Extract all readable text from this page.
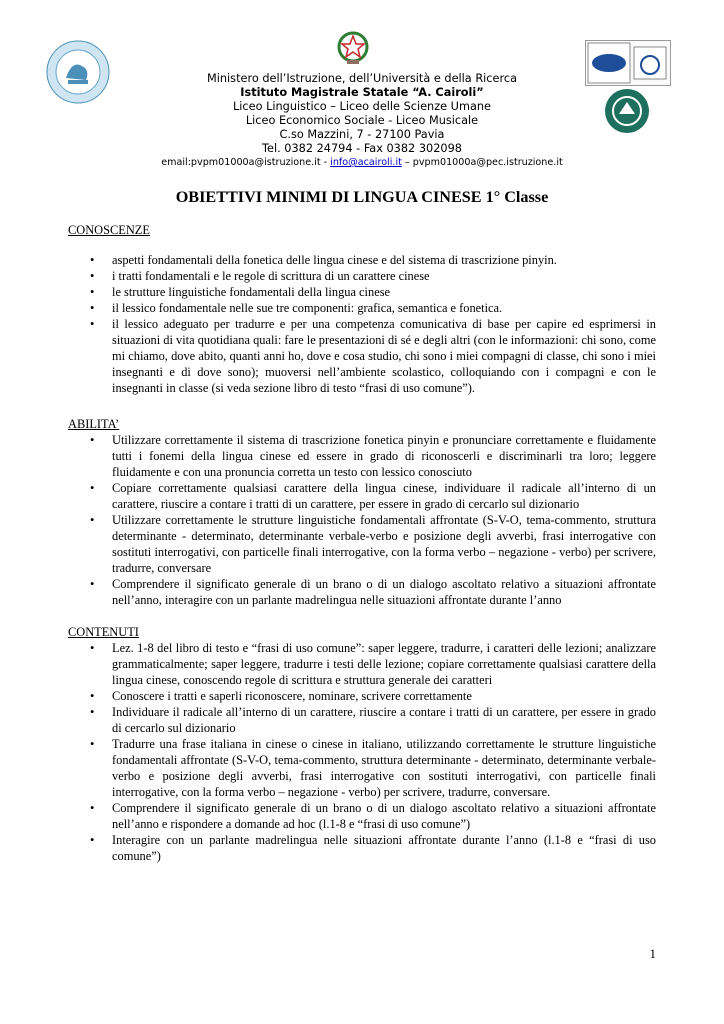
Ministero dell’Istruzione, dell’Università e della Ricerca
Istituto Magistrale Statale “A. Cairoli”
Liceo Linguistico – Liceo delle Scienze Umane
Liceo Economico Sociale - Liceo Musicale
C.so Mazzini, 7 - 27100 Pavia
Tel. 0382 24794 - Fax 0382 302098
email:pvpm01000a@istruzione.it - info@acairoli.it – pvpm01000a@pec.istruzione.it
OBIETTIVI MINIMI DI LINGUA CINESE 1° Classe

CONOSCENZE

• aspetti fondamentali della fonetica delle lingua cinese e del sistema di trascrizione pinyin.
• i tratti fondamentali e le regole di scrittura di un carattere cinese
• le strutture linguistiche fondamentali della lingua cinese
• il lessico fondamentale nelle sue tre componenti: grafica, semantica e fonetica.
• il lessico adeguato per tradurre e per una competenza comunicativa di base per capire ed esprimersi in situazioni di vita quotidiana quali: fare le presentazioni di sé e degli altri (con le informazioni: chi sono, come mi chiamo, dove abito, quanti anni ho, dove e cosa studio, chi sono i miei compagni di classe, chi sono i miei insegnanti e di dove sono); muoversi nell’ambiente scolastico, colloquiando con i compagni e con le insegnanti in classe (si veda sezione libro di testo “frasi di uso comune”).

ABILITA’

• Utilizzare correttamente il sistema di trascrizione fonetica pinyin e pronunciare correttamente e fluidamente tutti i fonemi della lingua cinese ed essere in grado di riconoscerli e discriminarli tra loro; leggere fluidamente e con una pronuncia corretta un testo con lessico conosciuto
• Copiare correttamente qualsiasi carattere della lingua cinese, individuare il radicale all’interno di un carattere, riuscire a contare i tratti di un carattere, per essere in grado di cercarlo sul dizionario
• Utilizzare correttamente le strutture linguistiche fondamentali affrontate (S-V-O, tema-commento, struttura determinante - determinato, determinante verbale-verbo e posizione degli avverbi, frasi interrogative con sostituti interrogativi, con particelle finali interrogative, con la forma verbo – negazione - verbo) per scrivere, tradurre, conversare
• Comprendere il significato generale di un brano o di un dialogo ascoltato relativo a situazioni affrontate nell’anno, interagire con un parlante madrelingua nelle situazioni affrontate durante l’anno

CONTENUTI

• Lez. 1-8 del libro di testo e “frasi di uso comune”: saper leggere, tradurre, i caratteri delle lezioni; analizzare grammaticalmente; saper leggere, tradurre i testi delle lezione; copiare correttamente qualsiasi carattere della lingua cinese, conoscendo regole di scrittura e struttura generale dei caratteri
• Conoscere i tratti e saperli riconoscere, nominare, scrivere correttamente
• Individuare il radicale all’interno di un carattere, riuscire a contare i tratti di un carattere, per essere in grado di cercarlo sul dizionario
• Tradurre una frase italiana in cinese o cinese in italiano, utilizzando correttamente le strutture linguistiche fondamentali affrontate (S-V-O, tema-commento, struttura determinante - determinato, determinante verbale-verbo e posizione degli avverbi, frasi interrogative con sostituti interrogativi, con particelle finali interrogative, con la forma verbo – negazione - verbo) per scrivere, tradurre, conversare.
• Comprendere il significato generale di un brano o di un dialogo ascoltato relativo a situazioni affrontate nell’anno e rispondere a domande ad hoc (l.1-8 e “frasi di uso comune”)
• Interagire con un parlante madrelingua nelle situazioni affrontate durante l’anno (l.1-8 e “frasi di uso comune”)
1
